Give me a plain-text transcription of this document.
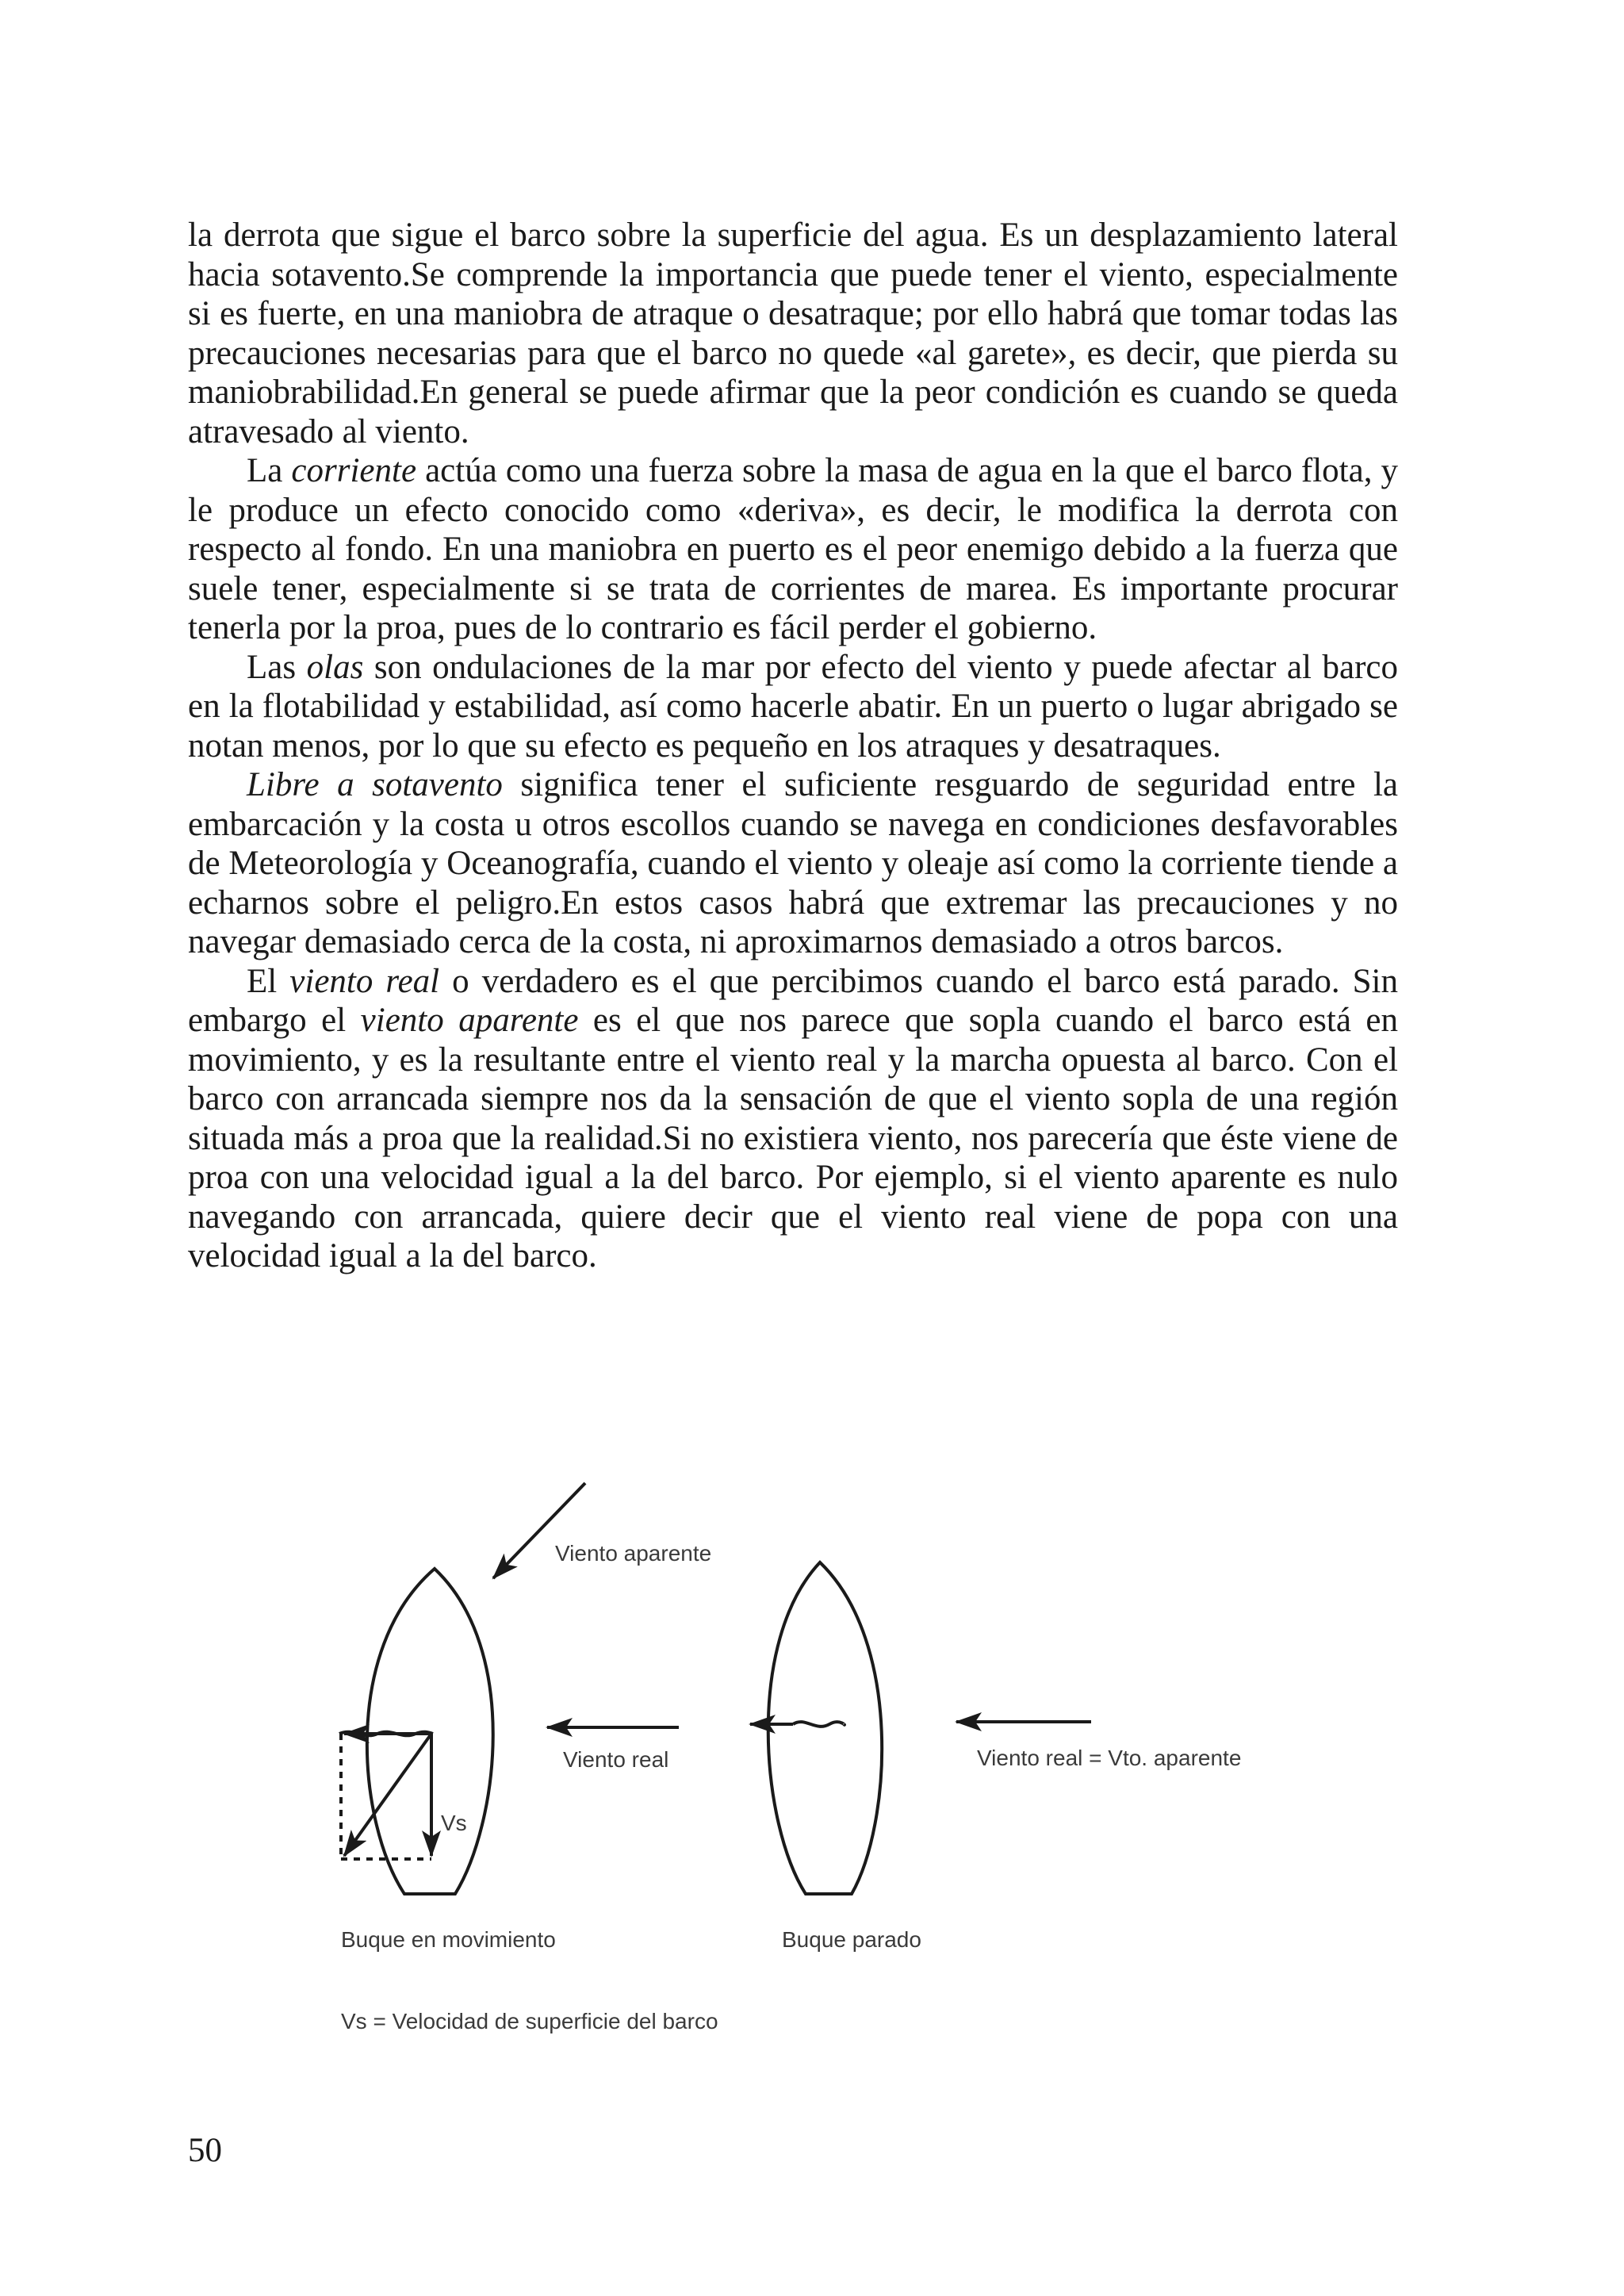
la derrota que sigue el barco sobre la superficie del agua. Es un desplazamiento lateral hacia sotavento.Se comprende la importancia que puede tener el viento, especialmente si es fuerte, en una maniobra de atraque o desatraque; por ello habrá que tomar todas las precauciones necesarias para que el barco no quede «al garete», es decir, que pierda su maniobrabilidad.En general se puede afirmar que la peor condición es cuando se queda atravesado al viento.

La corriente actúa como una fuerza sobre la masa de agua en la que el barco flota, y le produce un efecto conocido como «deriva», es decir, le modifica la derrota con respecto al fondo. En una maniobra en puerto es el peor enemigo debido a la fuerza que suele tener, especialmente si se trata de corrientes de marea. Es importante procurar tenerla por la proa, pues de lo contrario es fácil perder el gobierno.

Las olas son ondulaciones de la mar por efecto del viento y puede afectar al barco en la flotabilidad y estabilidad, así como hacerle abatir. En un puerto o lugar abrigado se notan menos, por lo que su efecto es pequeño en los atraques y desatraques.

Libre a sotavento significa tener el suficiente resguardo de seguridad entre la embarcación y la costa u otros escollos cuando se navega en condiciones desfavorables de Meteorología y Oceanografía, cuando el viento y oleaje así como la corriente tiende a echarnos sobre el peligro.En estos casos habrá que extremar las precauciones y no navegar demasiado cerca de la costa, ni aproximarnos demasiado a otros barcos.

El viento real o verdadero es el que percibimos cuando el barco está parado. Sin embargo el viento aparente es el que nos parece que sopla cuando el barco está en movimiento, y es la resultante entre el viento real y la marcha opuesta al barco. Con el barco con arrancada siempre nos da la sensación de que el viento sopla de una región situada más a proa que la realidad.Si no existiera viento, nos parecería que éste viene de proa con una velocidad igual a la del barco. Por ejemplo, si el viento aparente es nulo navegando con arrancada, quiere decir que el viento real viene de popa con una velocidad igual a la del barco.

Vs
Viento aparente
Viento real	Viento real = Vto. aparente
Buque en movimiento	Buque parado
Vs = Velocidad de superficie del barco
50
